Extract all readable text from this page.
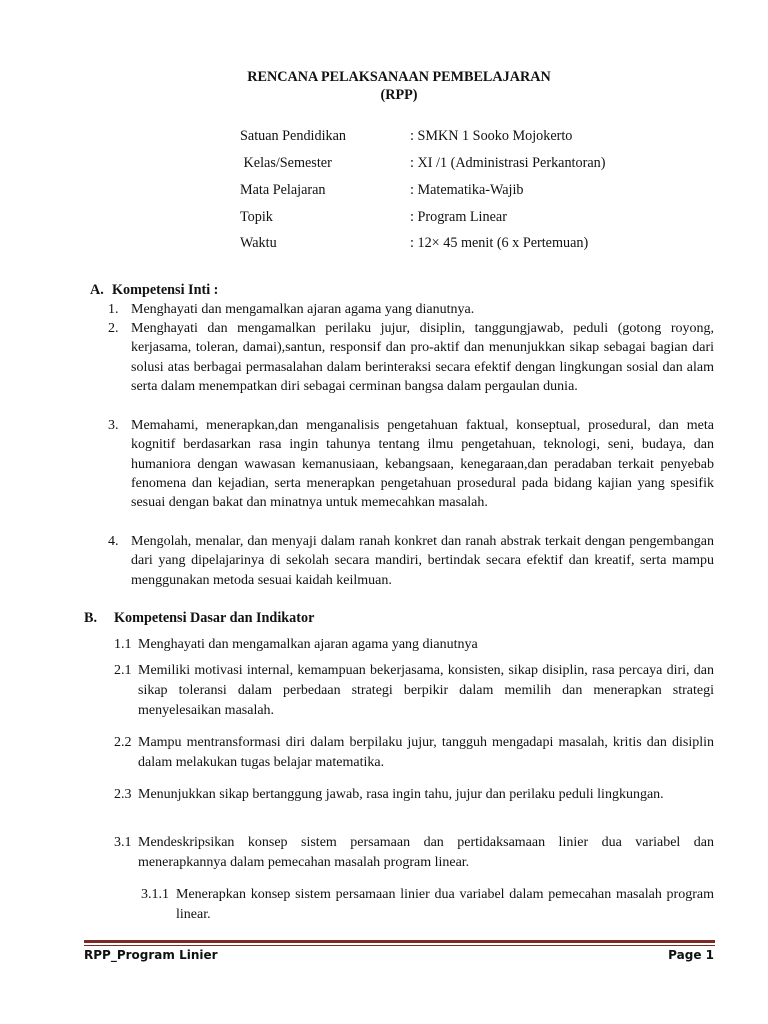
RENCANA PELAKSANAAN PEMBELAJARAN
(RPP)
Satuan Pendidikan	: SMKN 1 Sooko Mojokerto
Kelas/Semester	: XI /1 (Administrasi Perkantoran)
Mata Pelajaran	: Matematika-Wajib
Topik	: Program Linear
Waktu	: 12× 45 menit (6 x Pertemuan)
A. Kompetensi Inti :
1. Menghayati dan mengamalkan ajaran agama yang dianutnya.
2. Menghayati dan mengamalkan perilaku jujur, disiplin, tanggungjawab, peduli (gotong royong, kerjasama, toleran, damai),santun, responsif dan pro-aktif dan menunjukkan sikap sebagai bagian dari solusi atas berbagai permasalahan dalam berinteraksi secara efektif dengan lingkungan sosial dan alam serta dalam menempatkan diri sebagai cerminan bangsa dalam pergaulan dunia.
3. Memahami, menerapkan,dan menganalisis pengetahuan faktual, konseptual, prosedural, dan meta kognitif berdasarkan rasa ingin tahunya tentang ilmu pengetahuan, teknologi, seni, budaya, dan humaniora dengan wawasan kemanusiaan, kebangsaan, kenegaraan,dan peradaban terkait penyebab fenomena dan kejadian, serta menerapkan pengetahuan prosedural pada bidang kajian yang spesifik sesuai dengan bakat dan minatnya untuk memecahkan masalah.
4. Mengolah, menalar, dan menyaji dalam ranah konkret dan ranah abstrak terkait dengan pengembangan dari yang dipelajarinya di sekolah secara mandiri, bertindak secara efektif dan kreatif, serta mampu menggunakan metoda sesuai kaidah keilmuan.
B. Kompetensi Dasar dan Indikator
1.1 Menghayati dan mengamalkan ajaran agama yang dianutnya
2.1 Memiliki motivasi internal, kemampuan bekerjasama, konsisten, sikap disiplin, rasa percaya diri, dan sikap toleransi dalam perbedaan strategi berpikir dalam memilih dan menerapkan strategi menyelesaikan masalah.
2.2 Mampu mentransformasi diri dalam berpilaku jujur, tangguh mengadapi masalah, kritis dan disiplin dalam melakukan tugas belajar matematika.
2.3 Menunjukkan sikap bertanggung jawab, rasa ingin tahu, jujur dan perilaku peduli lingkungan.
3.1 Mendeskripsikan konsep sistem persamaan dan pertidaksamaan linier dua variabel dan menerapkannya dalam pemecahan masalah program linear.
3.1.1 Menerapkan konsep sistem persamaan linier dua variabel dalam pemecahan masalah program linear.
RPP_Program Linier	Page 1
